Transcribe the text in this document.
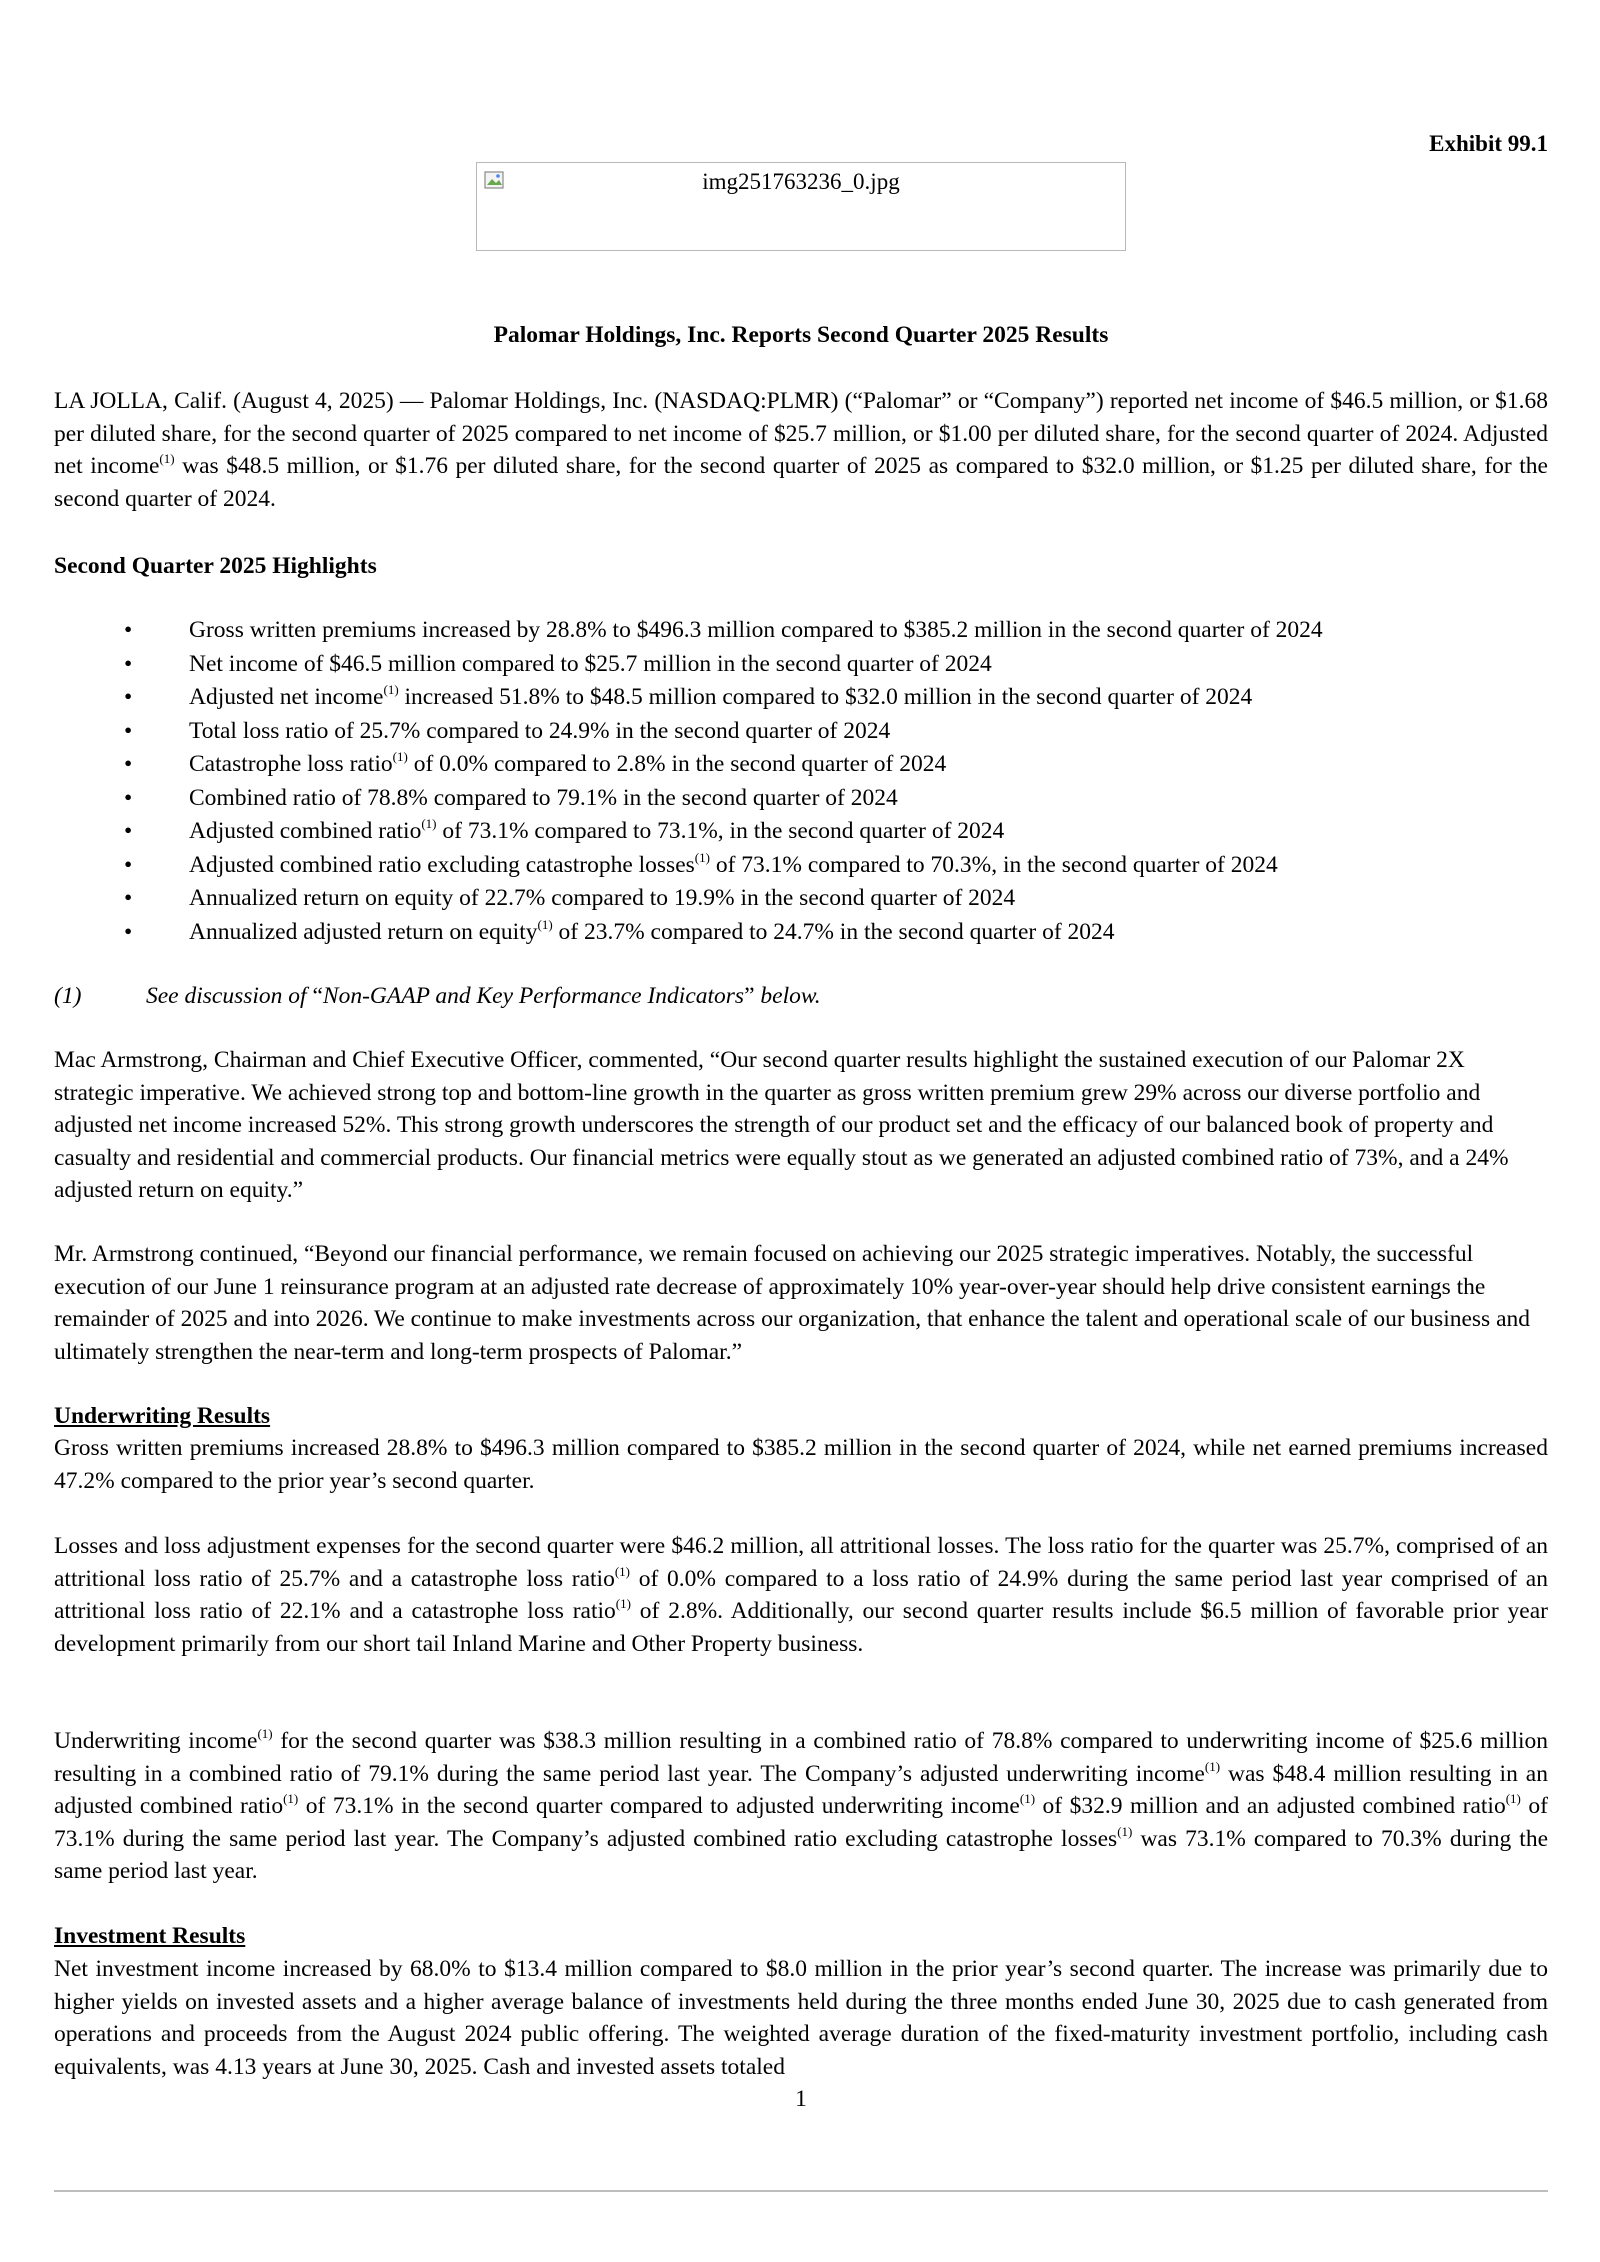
Exhibit 99.1
img251763236_0.jpg
Palomar Holdings, Inc. Reports Second Quarter 2025 Results
LA JOLLA, Calif. (August 4, 2025) — Palomar Holdings, Inc. (NASDAQ:PLMR) (“Palomar” or “Company”) reported net income of $46.5 million, or $1.68 per diluted share, for the second quarter of 2025 compared to net income of $25.7 million, or $1.00 per diluted share, for the second quarter of 2024. Adjusted net income$^{(1)}$ was $48.5 million, or $1.76 per diluted share, for the second quarter of 2025 as compared to $32.0 million, or $1.25 per diluted share, for the second quarter of 2024.
Second Quarter 2025 Highlights
• Gross written premiums increased by 28.8% to $496.3 million compared to $385.2 million in the second quarter of 2024
• Net income of $46.5 million compared to $25.7 million in the second quarter of 2024
• Adjusted net income$^{(1)}$ increased 51.8% to $48.5 million compared to $32.0 million in the second quarter of 2024
• Total loss ratio of 25.7% compared to 24.9% in the second quarter of 2024
• Catastrophe loss ratio$^{(1)}$ of 0.0% compared to 2.8% in the second quarter of 2024
• Combined ratio of 78.8% compared to 79.1% in the second quarter of 2024
• Adjusted combined ratio$^{(1)}$ of 73.1% compared to 73.1%, in the second quarter of 2024
• Adjusted combined ratio excluding catastrophe losses$^{(1)}$ of 73.1% compared to 70.3%, in the second quarter of 2024
• Annualized return on equity of 22.7% compared to 19.9% in the second quarter of 2024
• Annualized adjusted return on equity$^{(1)}$ of 23.7% compared to 24.7% in the second quarter of 2024
(1)	See discussion of “Non-GAAP and Key Performance Indicators” below.
Mac Armstrong, Chairman and Chief Executive Officer, commented, “Our second quarter results highlight the sustained execution of our Palomar 2X strategic imperative. We achieved strong top and bottom-line growth in the quarter as gross written premium grew 29% across our diverse portfolio and adjusted net income increased 52%. This strong growth underscores the strength of our product set and the efficacy of our balanced book of property and casualty and residential and commercial products. Our financial metrics were equally stout as we generated an adjusted combined ratio of 73%, and a 24% adjusted return on equity.”
Mr. Armstrong continued, “Beyond our financial performance, we remain focused on achieving our 2025 strategic imperatives. Notably, the successful execution of our June 1 reinsurance program at an adjusted rate decrease of approximately 10% year-over-year should help drive consistent earnings the remainder of 2025 and into 2026. We continue to make investments across our organization, that enhance the talent and operational scale of our business and ultimately strengthen the near-term and long-term prospects of Palomar.”
Underwriting Results
Gross written premiums increased 28.8% to $496.3 million compared to $385.2 million in the second quarter of 2024, while net earned premiums increased 47.2% compared to the prior year’s second quarter.
Losses and loss adjustment expenses for the second quarter were $46.2 million, all attritional losses. The loss ratio for the quarter was 25.7%, comprised of an attritional loss ratio of 25.7% and a catastrophe loss ratio$^{(1)}$ of 0.0% compared to a loss ratio of 24.9% during the same period last year comprised of an attritional loss ratio of 22.1% and a catastrophe loss ratio$^{(1)}$ of 2.8%. Additionally, our second quarter results include $6.5 million of favorable prior year development primarily from our short tail Inland Marine and Other Property business.
Underwriting income$^{(1)}$ for the second quarter was $38.3 million resulting in a combined ratio of 78.8% compared to underwriting income of $25.6 million resulting in a combined ratio of 79.1% during the same period last year. The Company’s adjusted underwriting income$^{(1)}$ was $48.4 million resulting in an adjusted combined ratio$^{(1)}$ of 73.1% in the second quarter compared to adjusted underwriting income$^{(1)}$ of $32.9 million and an adjusted combined ratio$^{(1)}$ of 73.1% during the same period last year. The Company’s adjusted combined ratio excluding catastrophe losses$^{(1)}$ was 73.1% compared to 70.3% during the same period last year.
Investment Results
Net investment income increased by 68.0% to $13.4 million compared to $8.0 million in the prior year’s second quarter. The increase was primarily due to higher yields on invested assets and a higher average balance of investments held during the three months ended June 30, 2025 due to cash generated from operations and proceeds from the August 2024 public offering. The weighted average duration of the fixed-maturity investment portfolio, including cash equivalents, was 4.13 years at June 30, 2025. Cash and invested assets totaled
1
